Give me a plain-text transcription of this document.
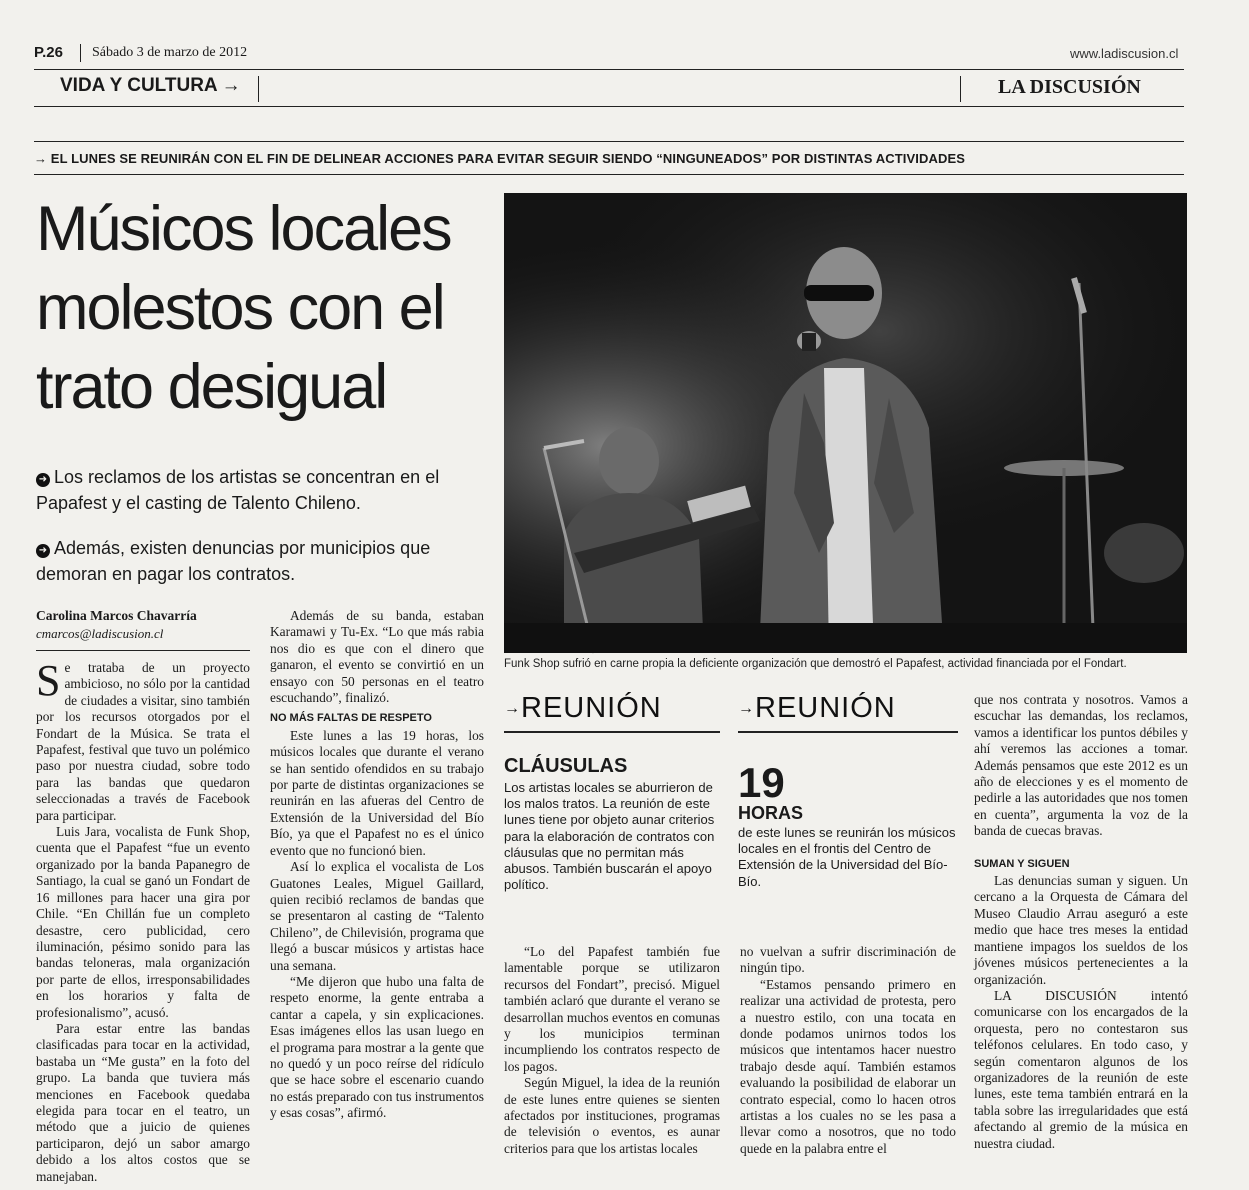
P.26 Sábado 3 de marzo de 2012	www.ladiscusion.cl
VIDA Y CULTURA →	LA DISCUSIÓN
→ EL LUNES SE REUNIRÁN CON EL FIN DE DELINEAR ACCIONES PARA EVITAR SEGUIR SIENDO “NINGUNEADOS” POR DISTINTAS ACTIVIDADES
Músicos locales
molestos con el
trato desigual
➜ Los reclamos de los artistas se concentran en el Papafest y el casting de Talento Chileno.
➜ Además, existen denuncias por municipios que demoran en pagar los contratos.
Funk Shop sufrió en carne propia la deficiente organización que demostró el Papafest, actividad financiada por el Fondart.
Carolina Marcos Chavarría
cmarcos@ladiscusion.cl

Se trataba de un proyecto ambicioso, no sólo por la cantidad de ciudades a visitar, sino también por los recursos otorgados por el Fondart de la Música. Se trata el Papafest, festival que tuvo un polémico paso por nuestra ciudad, sobre todo para las bandas que quedaron seleccionadas a través de Facebook para participar.

Luis Jara, vocalista de Funk Shop, cuenta que el Papafest “fue un evento organizado por la banda Papanegro de Santiago, la cual se ganó un Fondart de 16 millones para hacer una gira por Chile. “En Chillán fue un completo desastre, cero publicidad, cero iluminación, pésimo sonido para las bandas teloneras, mala organización por parte de ellos, irresponsabilidades en los horarios y falta de profesionalismo”, acusó.

Para estar entre las bandas clasificadas para tocar en la actividad, bastaba un “Me gusta” en la foto del grupo. La banda que tuviera más menciones en Facebook quedaba elegida para tocar en el teatro, un método que a juicio de quienes participaron, dejó un sabor amargo debido a los altos costos que se manejaban.

Además de su banda, estaban Karamawi y Tu-Ex. “Lo que más rabia nos dio es que con el dinero que ganaron, el evento se convirtió en un ensayo con 50 personas en el teatro escuchando”, finalizó.

NO MÁS FALTAS DE RESPETO

Este lunes a las 19 horas, los músicos locales que durante el verano se han sentido ofendidos en su trabajo por parte de distintas organizaciones se reunirán en las afueras del Centro de Extensión de la Universidad del Bío Bío, ya que el Papafest no es el único evento que no funcionó bien.

Así lo explica el vocalista de Los Guatones Leales, Miguel Gaillard, quien recibió reclamos de bandas que se presentaron al casting de “Talento Chileno”, de Chilevisión, programa que llegó a buscar músicos y artistas hace una semana.

“Me dijeron que hubo una falta de respeto enorme, la gente entraba a cantar a capela, y sin explicaciones. Esas imágenes ellos las usan luego en el programa para mostrar a la gente que no quedó y un poco reírse del ridículo que se hace sobre el escenario cuando no estás preparado con tus instrumentos y esas cosas”, afirmó.

→REUNIÓN
CLÁUSULAS
Los artistas locales se aburrieron de los malos tratos. La reunión de este lunes tiene por objeto aunar criterios para la elaboración de contratos con cláusulas que no permitan más abusos. También buscarán el apoyo político.
→REUNIÓN
19
HORAS
de este lunes se reunirán los músicos locales en el frontis del Centro de Extensión de la Universidad del Bío-Bío.

“Lo del Papafest también fue lamentable porque se utilizaron recursos del Fondart”, precisó. Miguel también aclaró que durante el verano se desarrollan muchos eventos en comunas y los municipios terminan incumpliendo los contratos respecto de los pagos.

Según Miguel, la idea de la reunión de este lunes entre quienes se sienten afectados por instituciones, programas de televisión o eventos, es aunar criterios para que los artistas locales

no vuelvan a sufrir discriminación de ningún tipo.

“Estamos pensando primero en realizar una actividad de protesta, pero a nuestro estilo, con una tocata en donde podamos unirnos todos los músicos que intentamos hacer nuestro trabajo desde aquí. También estamos evaluando la posibilidad de elaborar un contrato especial, como lo hacen otros artistas a los cuales no se les pasa a llevar como a nosotros, que no todo quede en la palabra entre el

que nos contrata y nosotros. Vamos a escuchar las demandas, los reclamos, vamos a identificar los puntos débiles y ahí veremos las acciones a tomar. Además pensamos que este 2012 es un año de elecciones y es el momento de pedirle a las autoridades que nos tomen en cuenta”, argumenta la voz de la banda de cuecas bravas.

SUMAN Y SIGUEN

Las denuncias suman y siguen. Un cercano a la Orquesta de Cámara del Museo Claudio Arrau aseguró a este medio que hace tres meses la entidad mantiene impagos los sueldos de los jóvenes músicos pertenecientes a la organización.

LA DISCUSIÓN intentó comunicarse con los encargados de la orquesta, pero no contestaron sus teléfonos celulares. En todo caso, y según comentaron algunos de los organizadores de la reunión de este lunes, este tema también entrará en la tabla sobre las irregularidades que está afectando al gremio de la música en nuestra ciudad.
